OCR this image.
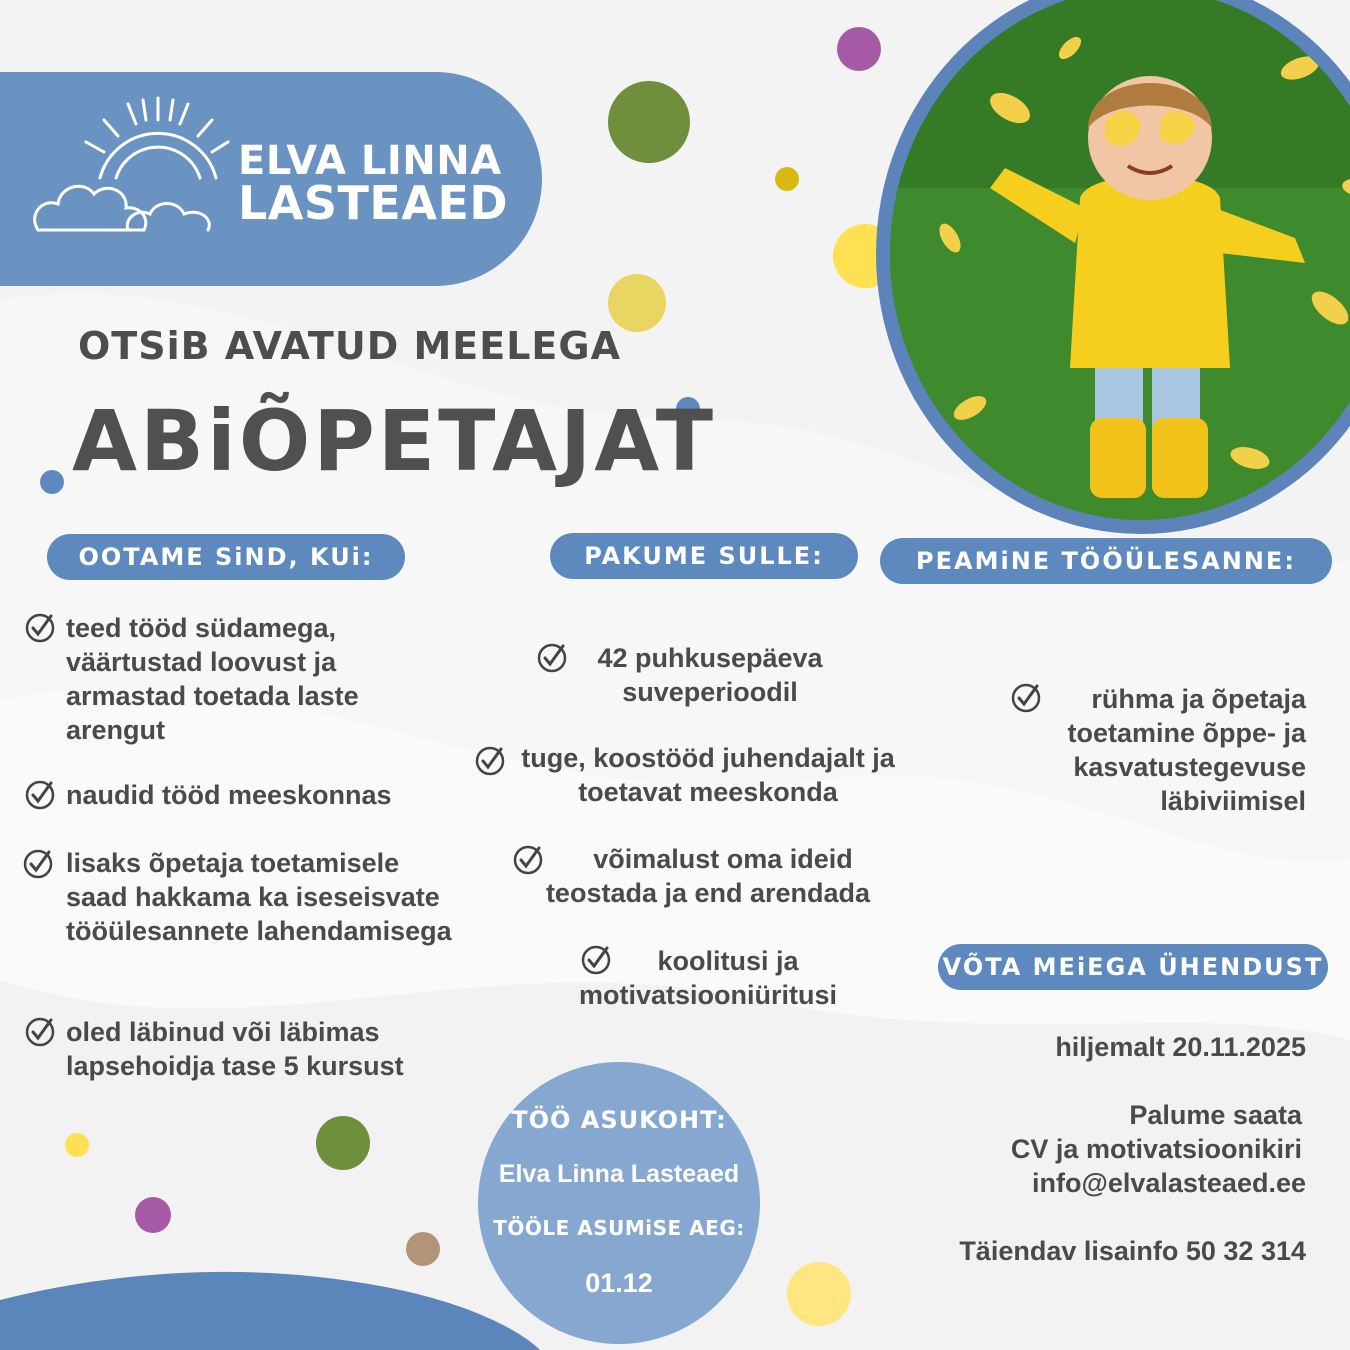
ELVA LINNA
LASTEAED
OTSiB AVATUD MEELEGA
ABiÕPETAJAT
OOTAME SiND, KUi:	PAKUME SULLE:	PEAMiNE TÖÖÜLESANNE:
teed tööd südamega, väärtustad loovust ja armastad toetada laste arengut
naudid tööd meeskonnas
lisaks õpetaja toetamisele saad hakkama ka iseseisvate tööülesannete lahendamisega
oled läbinud või läbimas lapsehoidja tase 5 kursust
42 puhkusepäeva suveperioodil
tuge, koostööd juhendajalt ja toetavat meeskonda
võimalust oma ideid teostada ja end arendada
koolitusi ja motivatsiooniüritusi
rühma ja õpetaja toetamine õppe- ja kasvatustegevuse läbiviimisel
VÕTA MEiEGA ÜHENDUST
hiljemalt 20.11.2025
Palume saata
CV ja motivatsioonikiri
info@elvalasteaed.ee
Täiendav lisainfo 50 32 314
TÖÖ ASUKOHT:
Elva Linna Lasteaed
TÖÖLE ASUMiSE AEG:
01.12
